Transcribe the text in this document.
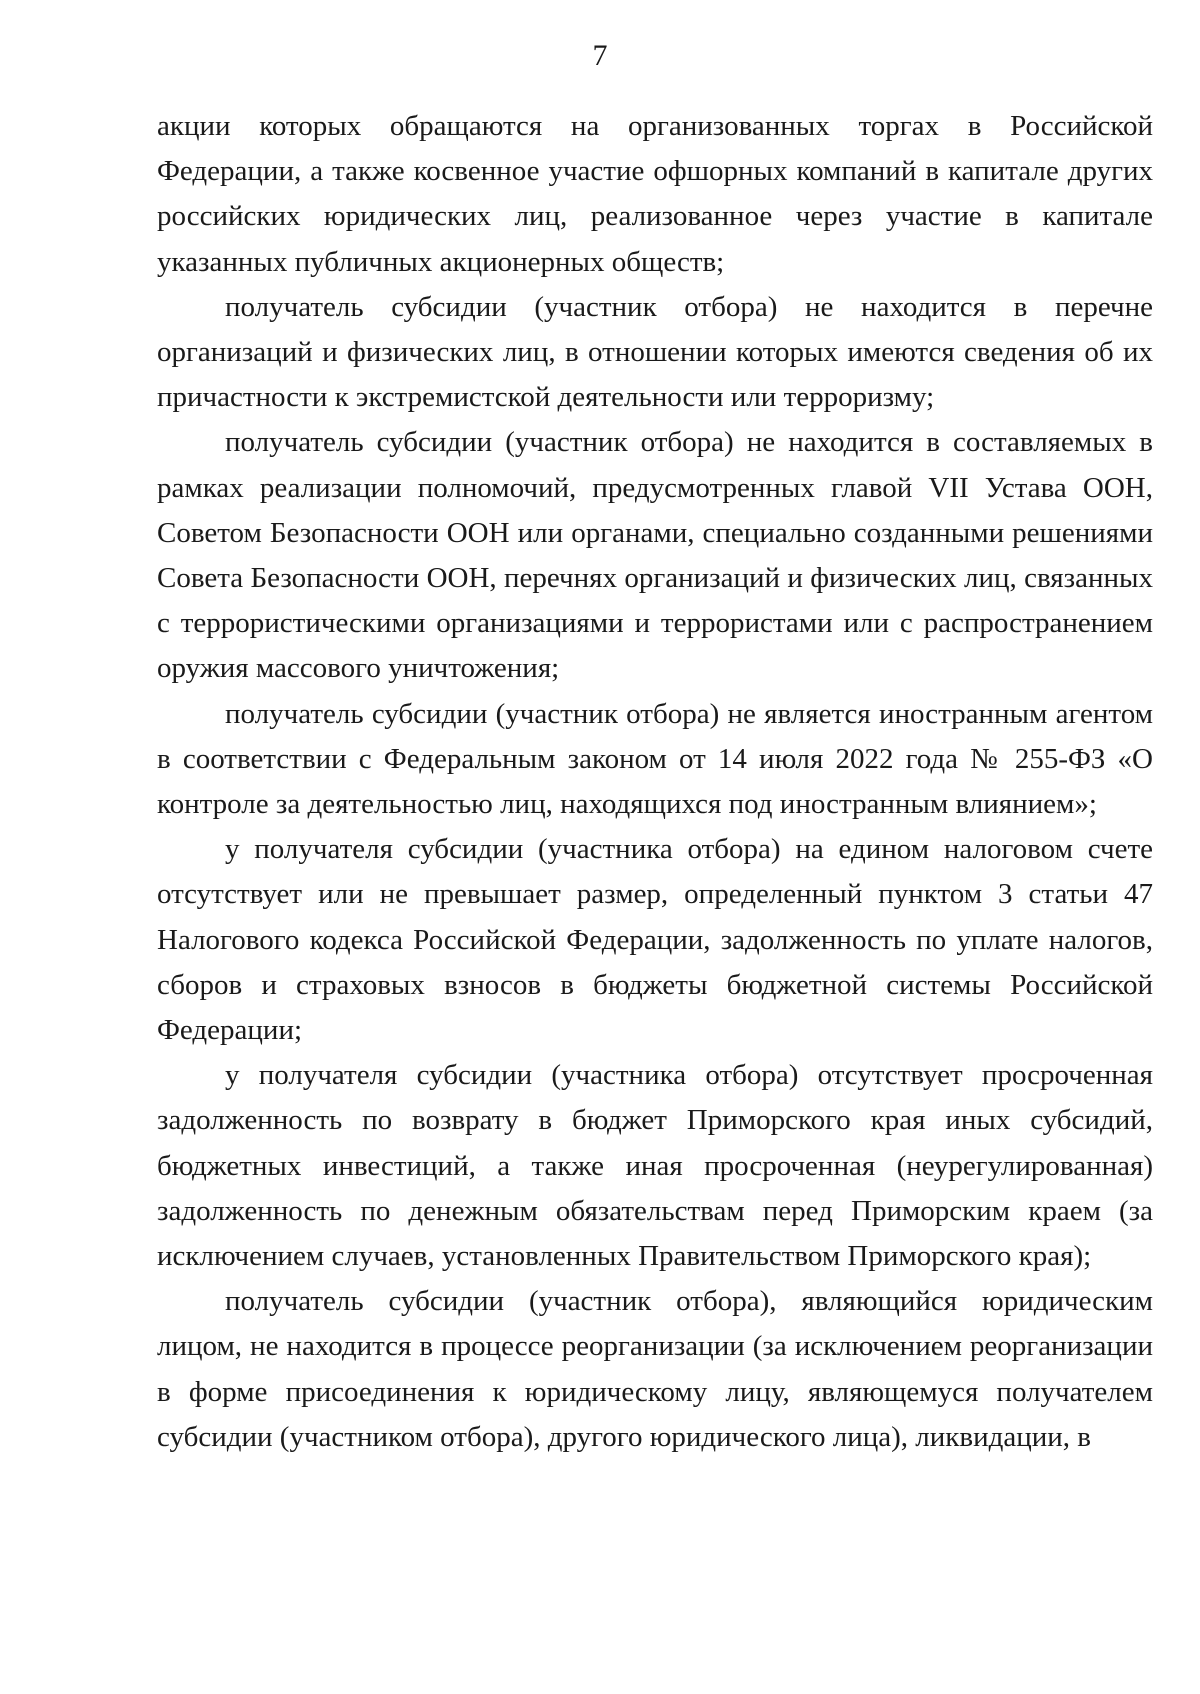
7

акции которых обращаются на организованных торгах в Российской Федерации, а также косвенное участие офшорных компаний в капитале других российских юридических лиц, реализованное через участие в капитале указанных публичных акционерных обществ;

получатель субсидии (участник отбора) не находится в перечне организаций и физических лиц, в отношении которых имеются сведения об их причастности к экстремистской деятельности или терроризму;

получатель субсидии (участник отбора) не находится в составляемых в рамках реализации полномочий, предусмотренных главой VII Устава ООН, Советом Безопасности ООН или органами, специально созданными решениями Совета Безопасности ООН, перечнях организаций и физических лиц, связанных с террористическими организациями и террористами или с распространением оружия массового уничтожения;

получатель субсидии (участник отбора) не является иностранным агентом в соответствии с Федеральным законом от 14 июля 2022 года № 255-ФЗ «О контроле за деятельностью лиц, находящихся под иностранным влиянием»;

у получателя субсидии (участника отбора) на едином налоговом счете отсутствует или не превышает размер, определенный пунктом 3 статьи 47 Налогового кодекса Российской Федерации, задолженность по уплате налогов, сборов и страховых взносов в бюджеты бюджетной системы Российской Федерации;

у получателя субсидии (участника отбора) отсутствует просроченная задолженность по возврату в бюджет Приморского края иных субсидий, бюджетных инвестиций, а также иная просроченная (неурегулированная) задолженность по денежным обязательствам перед Приморским краем (за исключением случаев, установленных Правительством Приморского края);

получатель субсидии (участник отбора), являющийся юридическим лицом, не находится в процессе реорганизации (за исключением реорганизации в форме присоединения к юридическому лицу, являющемуся получателем субсидии (участником отбора), другого юридического лица), ликвидации, в
